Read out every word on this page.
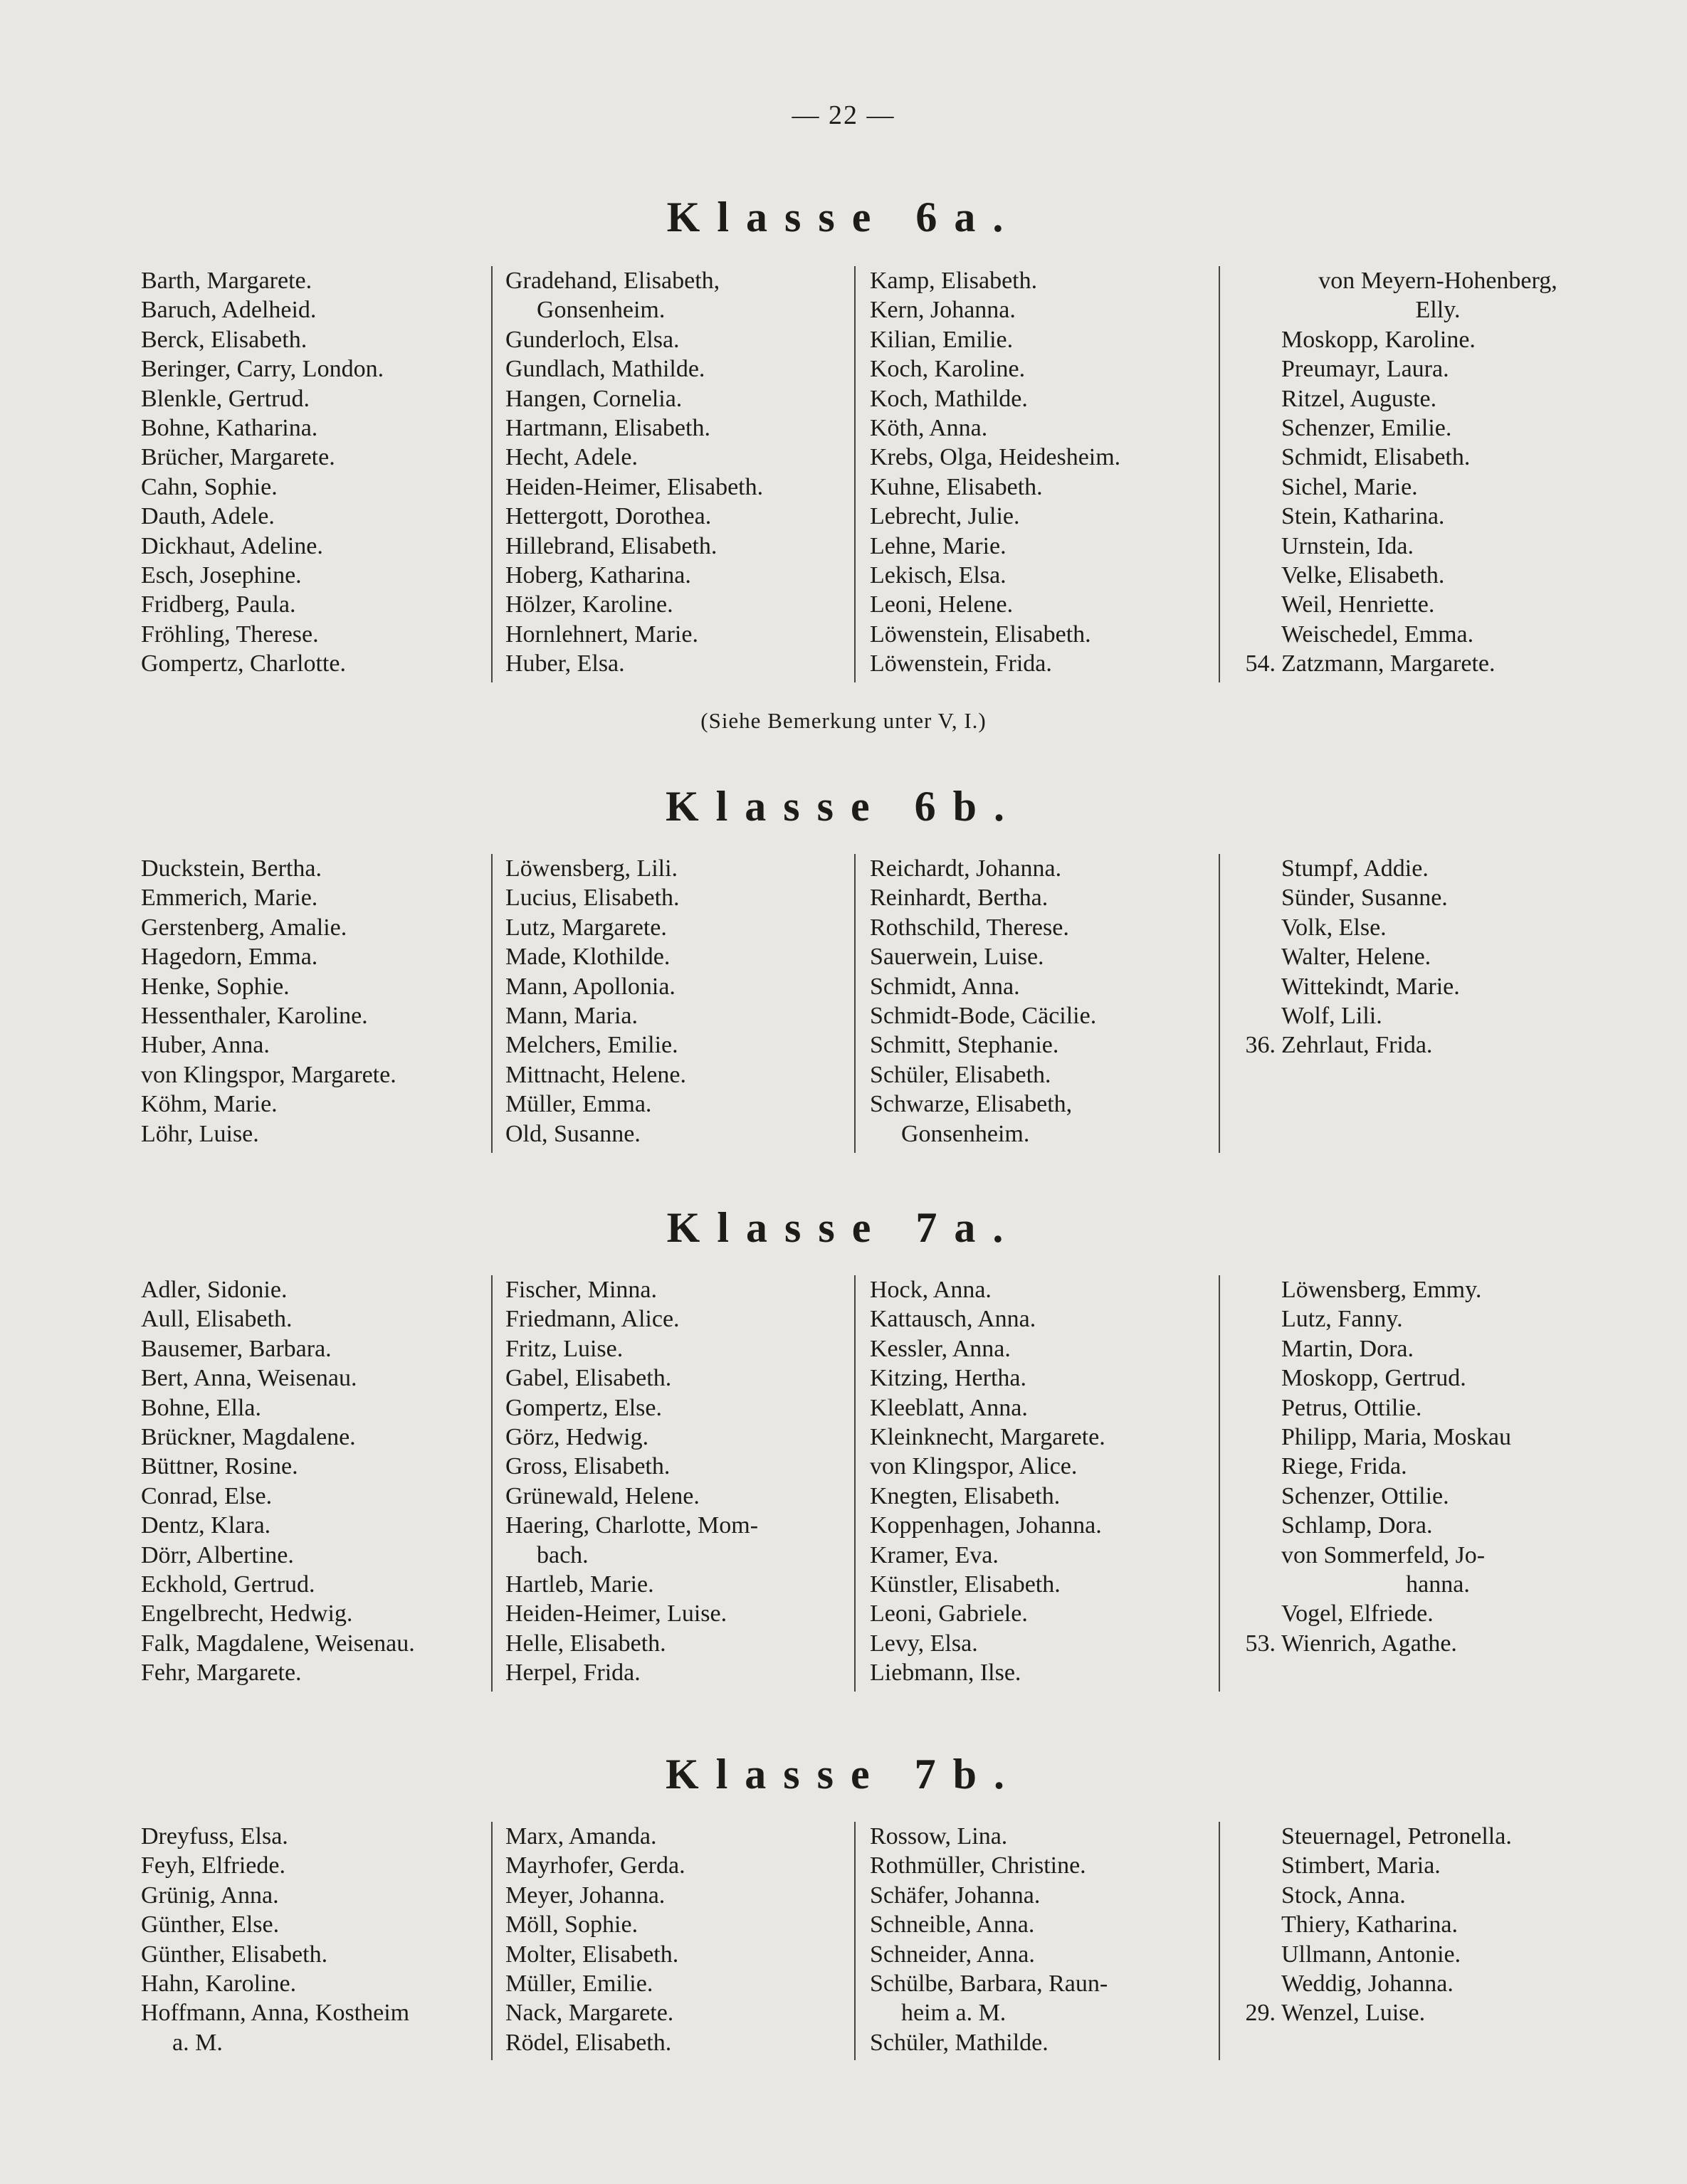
— 22 —
(Siehe Bemerkung unter V, I.)
Klasse 6a.
Barth, Margarete.
Baruch, Adelheid.
Berck, Elisabeth.
Beringer, Carry, London.
Blenkle, Gertrud.
Bohne, Katharina.
Brücher, Margarete.
Cahn, Sophie.
Dauth, Adele.
Dickhaut, Adeline.
Esch, Josephine.
Fridberg, Paula.
Fröhling, Therese.
Gompertz, Charlotte.
Gradehand, Elisabeth,
Gonsenheim.
Gunderloch, Elsa.
Gundlach, Mathilde.
Hangen, Cornelia.
Hartmann, Elisabeth.
Hecht, Adele.
Heiden-Heimer, Elisabeth.
Hettergott, Dorothea.
Hillebrand, Elisabeth.
Hoberg, Katharina.
Hölzer, Karoline.
Hornlehnert, Marie.
Huber, Elsa.
Kamp, Elisabeth.
Kern, Johanna.
Kilian, Emilie.
Koch, Karoline.
Koch, Mathilde.
Köth, Anna.
Krebs, Olga, Heidesheim.
Kuhne, Elisabeth.
Lebrecht, Julie.
Lehne, Marie.
Lekisch, Elsa.
Leoni, Helene.
Löwenstein, Elisabeth.
Löwenstein, Frida.
von Meyern-Hohenberg,
Elly.
Moskopp, Karoline.
Preumayr, Laura.
Ritzel, Auguste.
Schenzer, Emilie.
Schmidt, Elisabeth.
Sichel, Marie.
Stein, Katharina.
Urnstein, Ida.
Velke, Elisabeth.
Weil, Henriette.
Weischedel, Emma.
Zatzmann, Margarete.
54.
Klasse 6b.
Duckstein, Bertha.
Emmerich, Marie.
Gerstenberg, Amalie.
Hagedorn, Emma.
Henke, Sophie.
Hessenthaler, Karoline.
Huber, Anna.
von Klingspor, Margarete.
Köhm, Marie.
Löhr, Luise.
Löwensberg, Lili.
Lucius, Elisabeth.
Lutz, Margarete.
Made, Klothilde.
Mann, Apollonia.
Mann, Maria.
Melchers, Emilie.
Mittnacht, Helene.
Müller, Emma.
Old, Susanne.
Reichardt, Johanna.
Reinhardt, Bertha.
Rothschild, Therese.
Sauerwein, Luise.
Schmidt, Anna.
Schmidt-Bode, Cäcilie.
Schmitt, Stephanie.
Schüler, Elisabeth.
Schwarze, Elisabeth,
Gonsenheim.
Stumpf, Addie.
Sünder, Susanne.
Volk, Else.
Walter, Helene.
Wittekindt, Marie.
Wolf, Lili.
Zehrlaut, Frida.
36.
Klasse 7a.
Adler, Sidonie.
Aull, Elisabeth.
Bausemer, Barbara.
Bert, Anna, Weisenau.
Bohne, Ella.
Brückner, Magdalene.
Büttner, Rosine.
Conrad, Else.
Dentz, Klara.
Dörr, Albertine.
Eckhold, Gertrud.
Engelbrecht, Hedwig.
Falk, Magdalene, Weisenau.
Fehr, Margarete.
Fischer, Minna.
Friedmann, Alice.
Fritz, Luise.
Gabel, Elisabeth.
Gompertz, Else.
Görz, Hedwig.
Gross, Elisabeth.
Grünewald, Helene.
Haering, Charlotte, Mom-
bach.
Hartleb, Marie.
Heiden-Heimer, Luise.
Helle, Elisabeth.
Herpel, Frida.
Hock, Anna.
Kattausch, Anna.
Kessler, Anna.
Kitzing, Hertha.
Kleeblatt, Anna.
Kleinknecht, Margarete.
von Klingspor, Alice.
Knegten, Elisabeth.
Koppenhagen, Johanna.
Kramer, Eva.
Künstler, Elisabeth.
Leoni, Gabriele.
Levy, Elsa.
Liebmann, Ilse.
Löwensberg, Emmy.
Lutz, Fanny.
Martin, Dora.
Moskopp, Gertrud.
Petrus, Ottilie.
Philipp, Maria, Moskau
Riege, Frida.
Schenzer, Ottilie.
Schlamp, Dora.
von Sommerfeld, Jo-
hanna.
Vogel, Elfriede.
Wienrich, Agathe.
53.
Klasse 7b.
Dreyfuss, Elsa.
Feyh, Elfriede.
Grünig, Anna.
Günther, Else.
Günther, Elisabeth.
Hahn, Karoline.
Hoffmann, Anna, Kostheim
a. M.
Marx, Amanda.
Mayrhofer, Gerda.
Meyer, Johanna.
Möll, Sophie.
Molter, Elisabeth.
Müller, Emilie.
Nack, Margarete.
Rödel, Elisabeth.
Rossow, Lina.
Rothmüller, Christine.
Schäfer, Johanna.
Schneible, Anna.
Schneider, Anna.
Schülbe, Barbara, Raun-
heim a. M.
Schüler, Mathilde.
Steuernagel, Petronella.
Stimbert, Maria.
Stock, Anna.
Thiery, Katharina.
Ullmann, Antonie.
Weddig, Johanna.
Wenzel, Luise.
29.
